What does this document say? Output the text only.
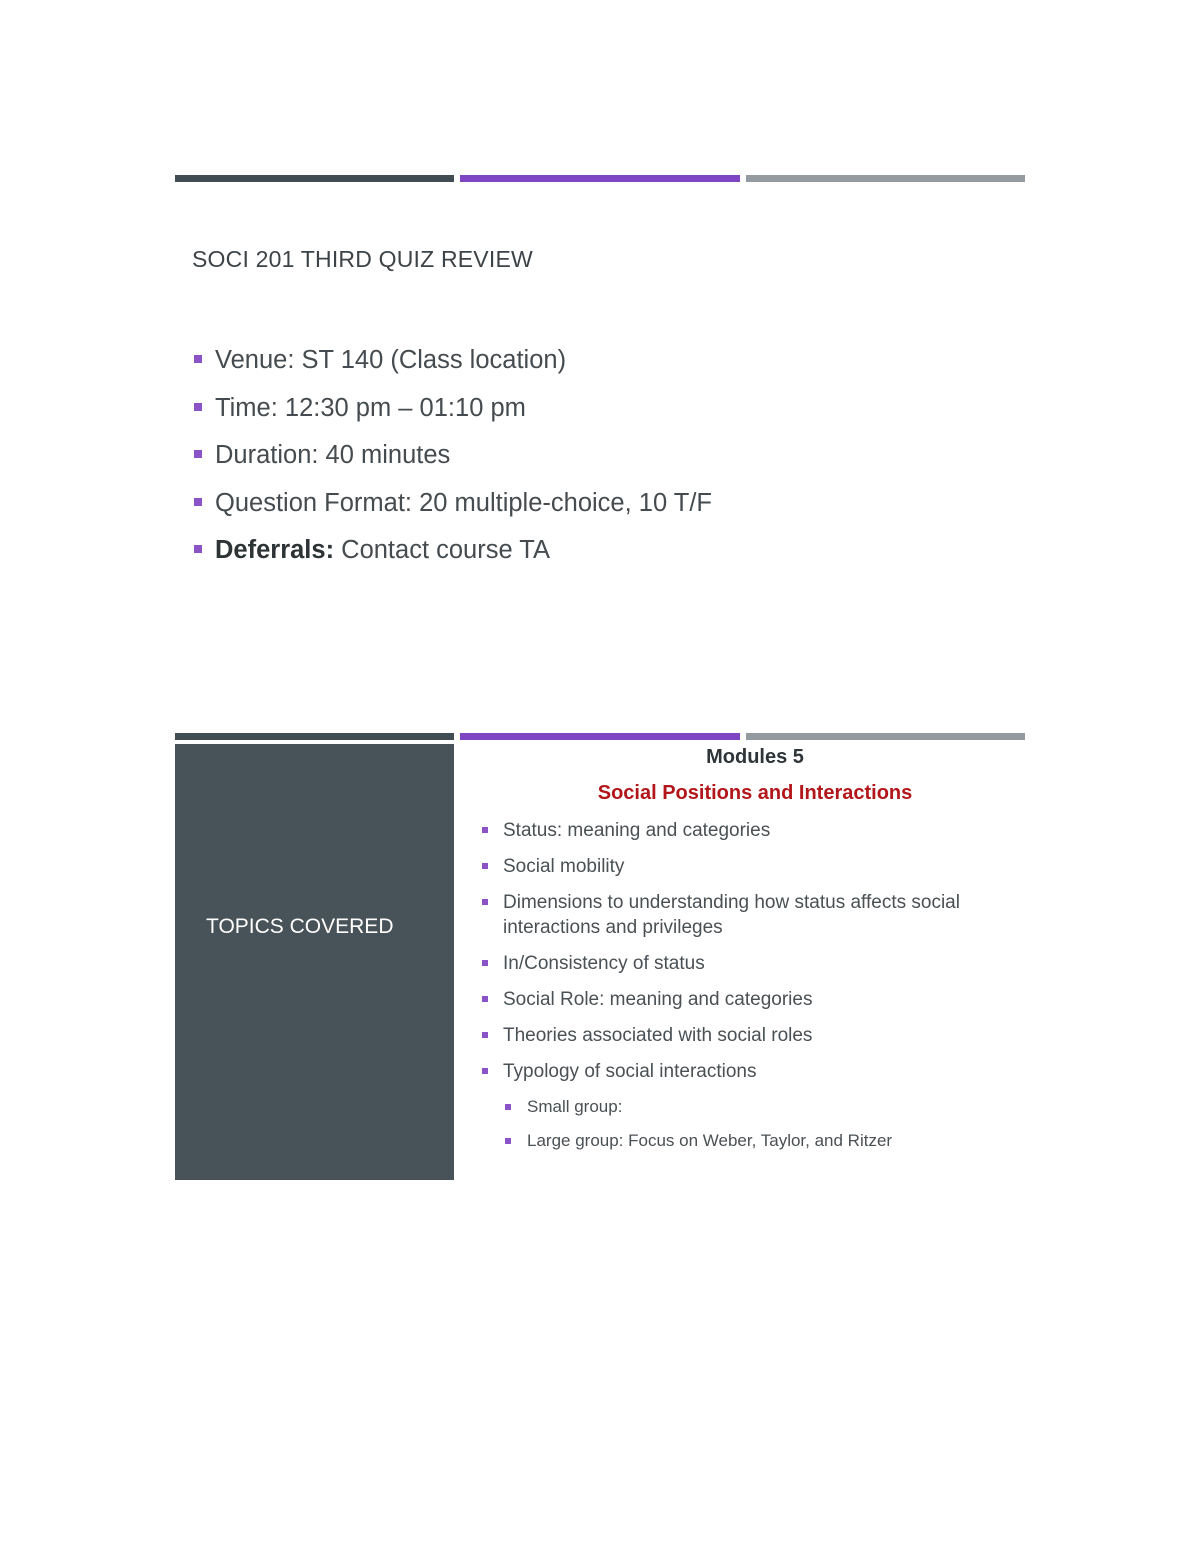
SOCI 201 THIRD QUIZ REVIEW
Venue: ST 140 (Class location)
Time: 12:30 pm – 01:10 pm
Duration: 40 minutes
Question Format: 20 multiple-choice, 10 T/F
Deferrals: Contact course TA
TOPICS COVERED
Modules 5
Social Positions and Interactions
Status: meaning and categories
Social mobility
Dimensions to understanding how status affects social interactions and privileges
In/Consistency of status
Social Role: meaning and categories
Theories associated with social roles
Typology of social interactions
Small group:
Large group: Focus on Weber, Taylor, and Ritzer
